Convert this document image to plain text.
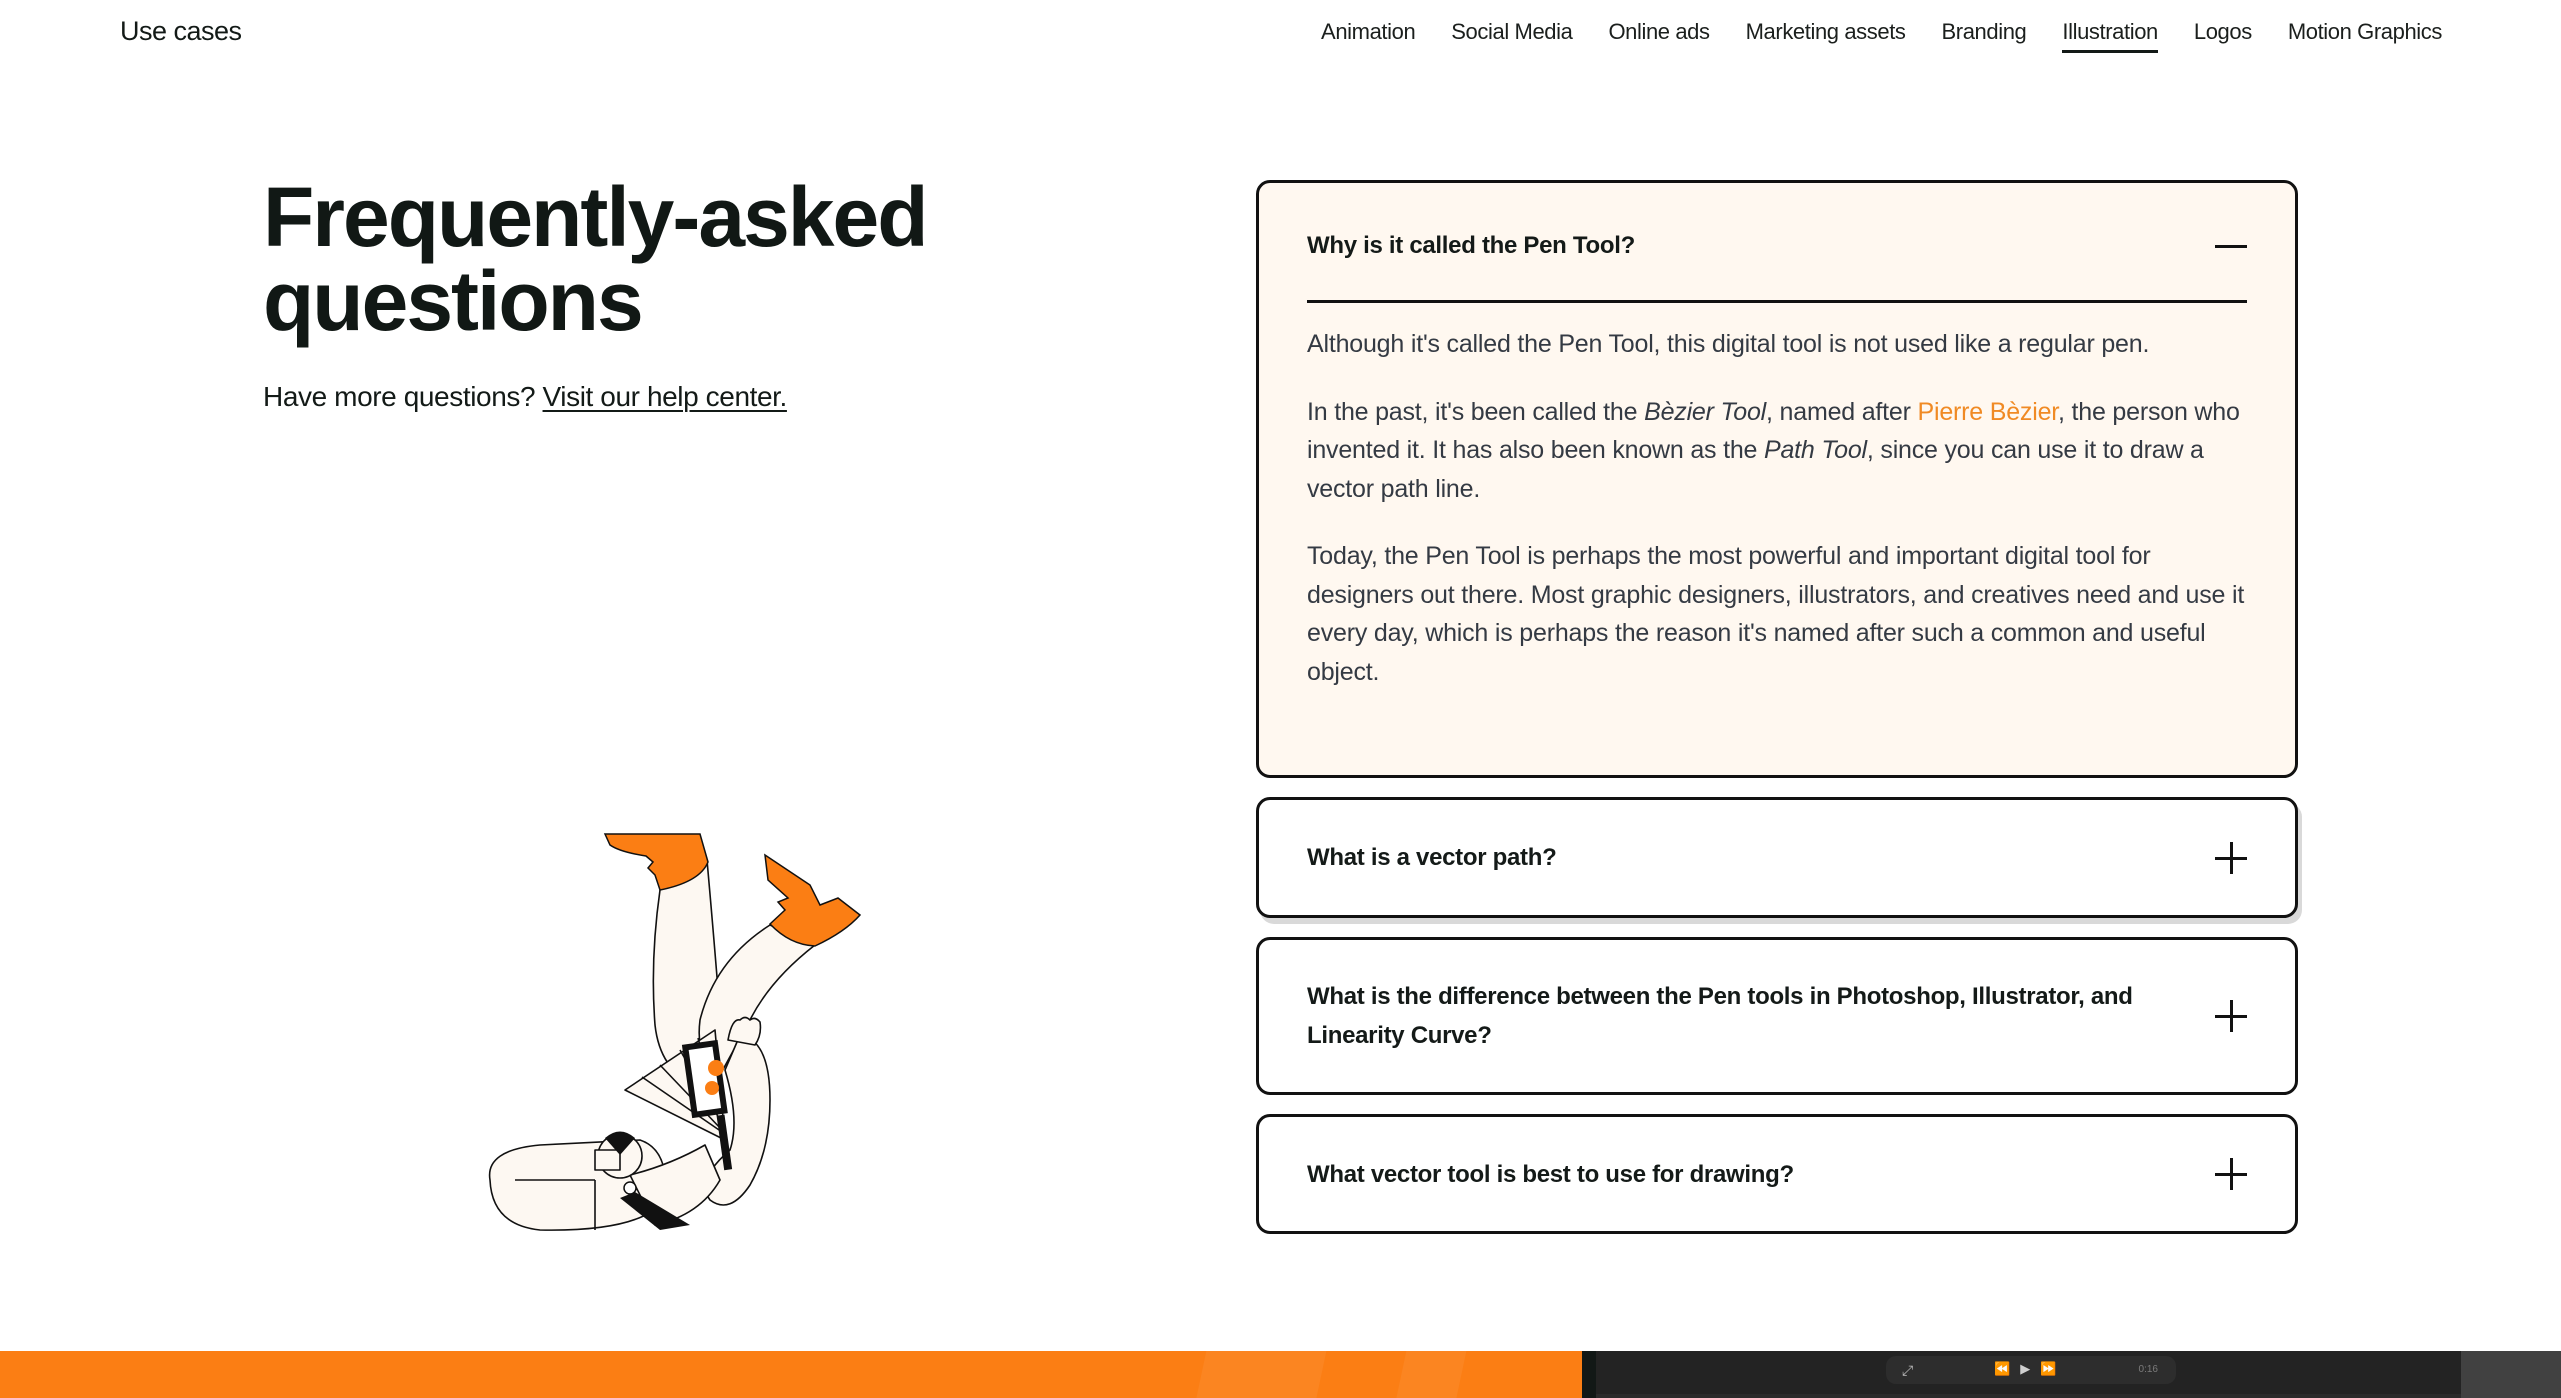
Use cases	Animation Social Media Online ads Marketing assets Branding Illustration Logos Motion Graphics
Frequently-asked
questions
Have more questions? Visit our help center.
Why is it called the Pen Tool?

Although it's called the Pen Tool, this digital tool is not used like a regular pen.

In the past, it's been called the Bèzier Tool, named after Pierre Bèzier, the person who invented it. It has also been known as the Path Tool, since you can use it to draw a vector path line.

Today, the Pen Tool is perhaps the most powerful and important digital tool for designers out there. Most graphic designers, illustrators, and creatives need and use it every day, which is perhaps the reason it's named after such a common and useful object.

What is a vector path?
What is the difference between the Pen tools in Photoshop, Illustrator, and Linearity Curve?
What vector tool is best to use for drawing?
⤢	⏪ ▶ ⏩	0:16
